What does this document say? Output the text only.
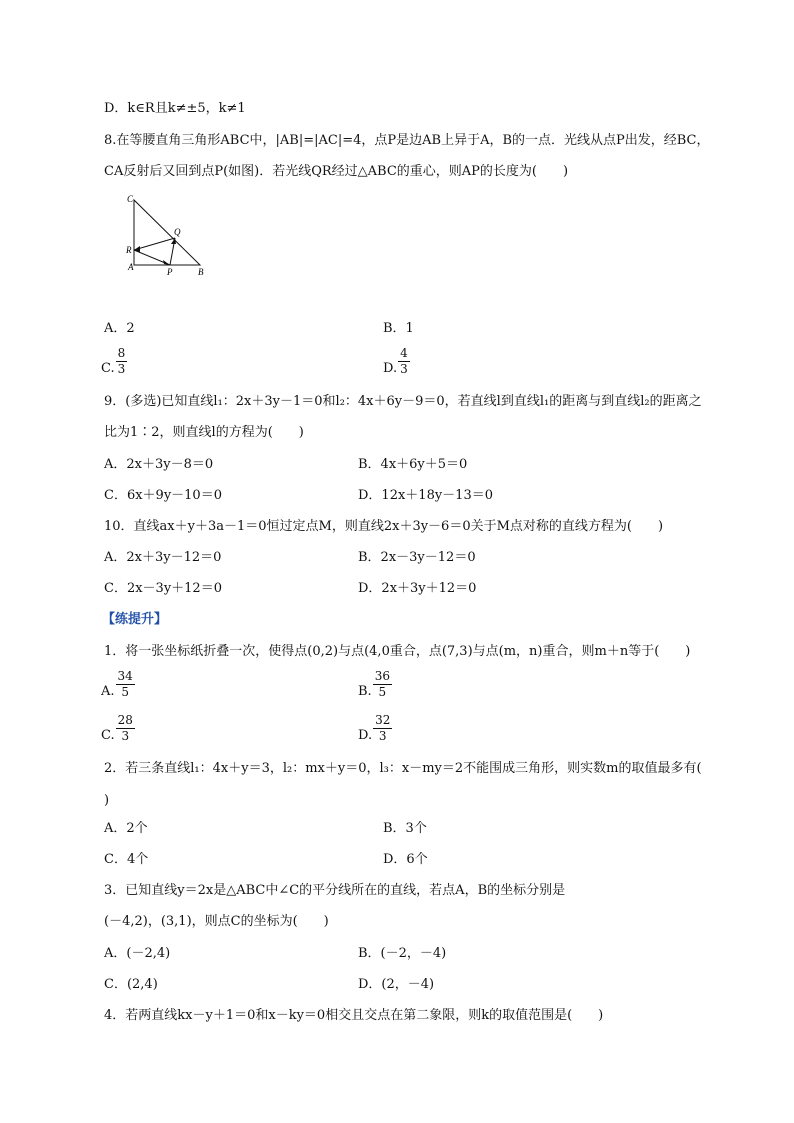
D．k∈R且k≠±5，k≠1
8.在等腰直角三角形ABC中，|AB|=|AC|=4，点P是边AB上异于A，B的一点．光线从点P出发，经BC，
CA反射后又回到点P(如图)．若光线QR经过△ABC的重心，则AP的长度为(　　)
C
Q
R
A	P	B
A．2	B．1
C. $\frac{8}{3}$	D. $\frac{4}{3}$
9．(多选)已知直线l₁：2x＋3y－1＝0和l₂：4x＋6y－9＝0，若直线l到直线l₁的距离与到直线l₂的距离之
比为1∶2，则直线l的方程为(　　)
A．2x＋3y－8＝0	B．4x＋6y＋5＝0
C．6x＋9y－10＝0	D．12x＋18y－13＝0
10．直线ax＋y＋3a－1＝0恒过定点M，则直线2x＋3y－6＝0关于M点对称的直线方程为(　　)
A．2x＋3y－12＝0	B．2x－3y－12＝0
C．2x－3y＋12＝0	D．2x＋3y＋12＝0
【练提升】
1．将一张坐标纸折叠一次，使得点(0,2)与点(4,0重合，点(7,3)与点(m，n)重合，则m＋n等于(　　)
A. $\frac{34}{5}$	B. $\frac{36}{5}$
C. $\frac{28}{3}$	D. $\frac{32}{3}$
2．若三条直线l₁：4x＋y＝3，l₂：mx＋y＝0，l₃：x－my＝2不能围成三角形，则实数m的取值最多有(
)
A．2个	B．3个
C．4个	D．6个
3．已知直线y＝2x是△ABC中∠C的平分线所在的直线，若点A，B的坐标分别是
(－4,2)，(3,1)，则点C的坐标为(　　)
A．(－2,4)	B．(－2，－4)
C．(2,4)	D．(2，－4)
4．若两直线kx－y＋1＝0和x－ky＝0相交且交点在第二象限，则k的取值范围是(　　)
